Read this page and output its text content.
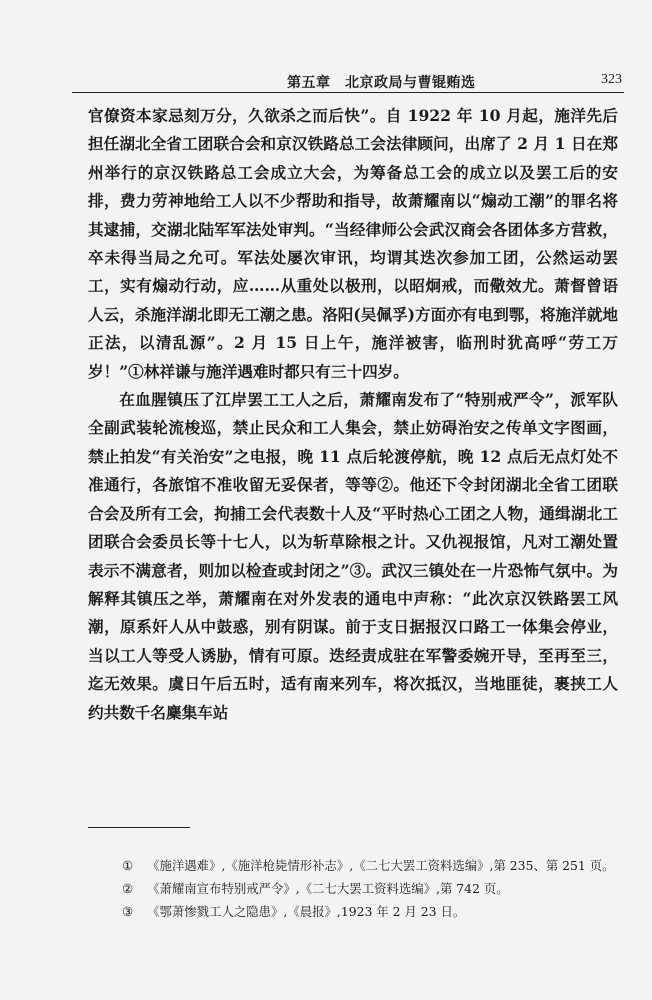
第五章　北京政局与曹锟贿选	323

官僚资本家忌刻万分，久欲杀之而后快”。自 1922 年 10 月起，施洋先后担任湖北全省工团联合会和京汉铁路总工会法律顾问，出席了 2 月 1 日在郑州举行的京汉铁路总工会成立大会，为筹备总工会的成立以及罢工后的安排，费力劳神地给工人以不少帮助和指导，故萧耀南以“煽动工潮”的罪名将其逮捕，交湖北陆军军法处审判。“当经律师公会武汉商会各团体多方营救，卒未得当局之允可。军法处屡次审讯，均谓其迭次参加工团，公然运动罢工，实有煽动行动，应……从重处以极刑，以昭炯戒，而儆效尤。萧督曾语人云，杀施洋湖北即无工潮之患。洛阳(吴佩孚)方面亦有电到鄂，将施洋就地正法，以清乱源”。2 月 15 日上午，施洋被害，临刑时犹高呼“劳工万岁！”①林祥谦与施洋遇难时都只有三十四岁。

在血腥镇压了江岸罢工工人之后，萧耀南发布了“特别戒严令”，派军队全副武装轮流梭巡，禁止民众和工人集会，禁止妨碍治安之传单文字图画，禁止拍发“有关治安”之电报，晚 11 点后轮渡停航，晚 12 点后无点灯处不准通行，各旅馆不准收留无妥保者，等等②。他还下令封闭湖北全省工团联合会及所有工会，拘捕工会代表数十人及“平时热心工团之人物，通缉湖北工团联合会委员长等十七人，以为斩草除根之计。又仇视报馆，凡对工潮处置表示不满意者，则加以检查或封闭之”③。武汉三镇处在一片恐怖气氛中。为解释其镇压之举，萧耀南在对外发表的通电中声称：“此次京汉铁路罢工风潮，原系奸人从中鼓惑，别有阴谋。前于支日据报汉口路工一体集会停业，当以工人等受人诱胁，情有可原。迭经责成驻在军警委婉开导，至再至三，迄无效果。虞日午后五时，适有南来列车，将次抵汉，当地匪徒，裹挟工人约共数千名麇集车站

① 《施洋遇难》,《施洋枪毙情形补志》,《二七大罢工资料选编》,第 235、第 251 页。

② 《萧耀南宣布特别戒严令》,《二七大罢工资料选编》,第 742 页。

③ 《鄂萧惨戮工人之隐患》,《晨报》,1923 年 2 月 23 日。
